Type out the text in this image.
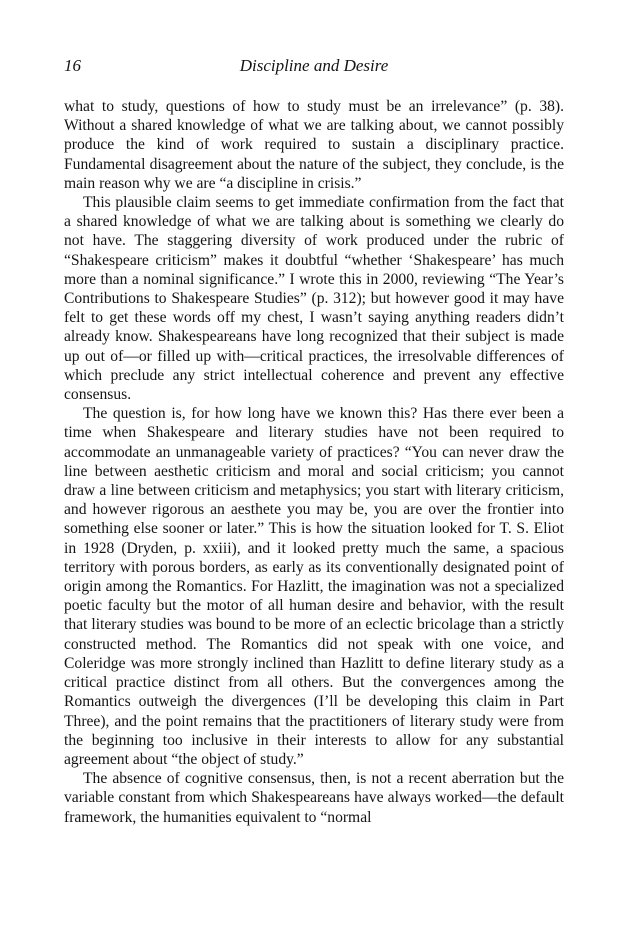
16	Discipline and Desire

what to study, questions of how to study must be an irrelevance” (p. 38). Without a shared knowledge of what we are talking about, we cannot possibly produce the kind of work required to sustain a disciplinary practice. Fundamental disagreement about the nature of the subject, they conclude, is the main reason why we are “a discipline in crisis.”

This plausible claim seems to get immediate confirmation from the fact that a shared knowledge of what we are talking about is something we clearly do not have. The staggering diversity of work produced under the rubric of “Shakespeare criticism” makes it doubtful “whether ‘Shakespeare’ has much more than a nominal significance.” I wrote this in 2000, reviewing “The Year’s Contributions to Shakespeare Studies” (p. 312); but however good it may have felt to get these words off my chest, I wasn’t saying anything readers didn’t already know. Shakespeareans have long recognized that their subject is made up out of—or filled up with—critical practices, the irresolvable differences of which preclude any strict intellectual coherence and prevent any effective consensus.

The question is, for how long have we known this? Has there ever been a time when Shakespeare and literary studies have not been required to accommodate an unmanageable variety of practices? “You can never draw the line between aesthetic criticism and moral and social criticism; you cannot draw a line between criticism and metaphysics; you start with literary criticism, and however rigorous an aesthete you may be, you are over the frontier into something else sooner or later.” This is how the situation looked for T. S. Eliot in 1928 (Dryden, p. xxiii), and it looked pretty much the same, a spacious territory with porous borders, as early as its conventionally designated point of origin among the Romantics. For Hazlitt, the imagination was not a specialized poetic faculty but the motor of all human desire and behavior, with the result that literary studies was bound to be more of an eclectic bricolage than a strictly constructed method. The Romantics did not speak with one voice, and Coleridge was more strongly inclined than Hazlitt to define literary study as a critical practice distinct from all others. But the convergences among the Romantics outweigh the divergences (I’ll be developing this claim in Part Three), and the point remains that the practitioners of literary study were from the beginning too inclusive in their interests to allow for any substantial agreement about “the object of study.”

The absence of cognitive consensus, then, is not a recent aberration but the variable constant from which Shakespeareans have always worked—the default framework, the humanities equivalent to “normal
